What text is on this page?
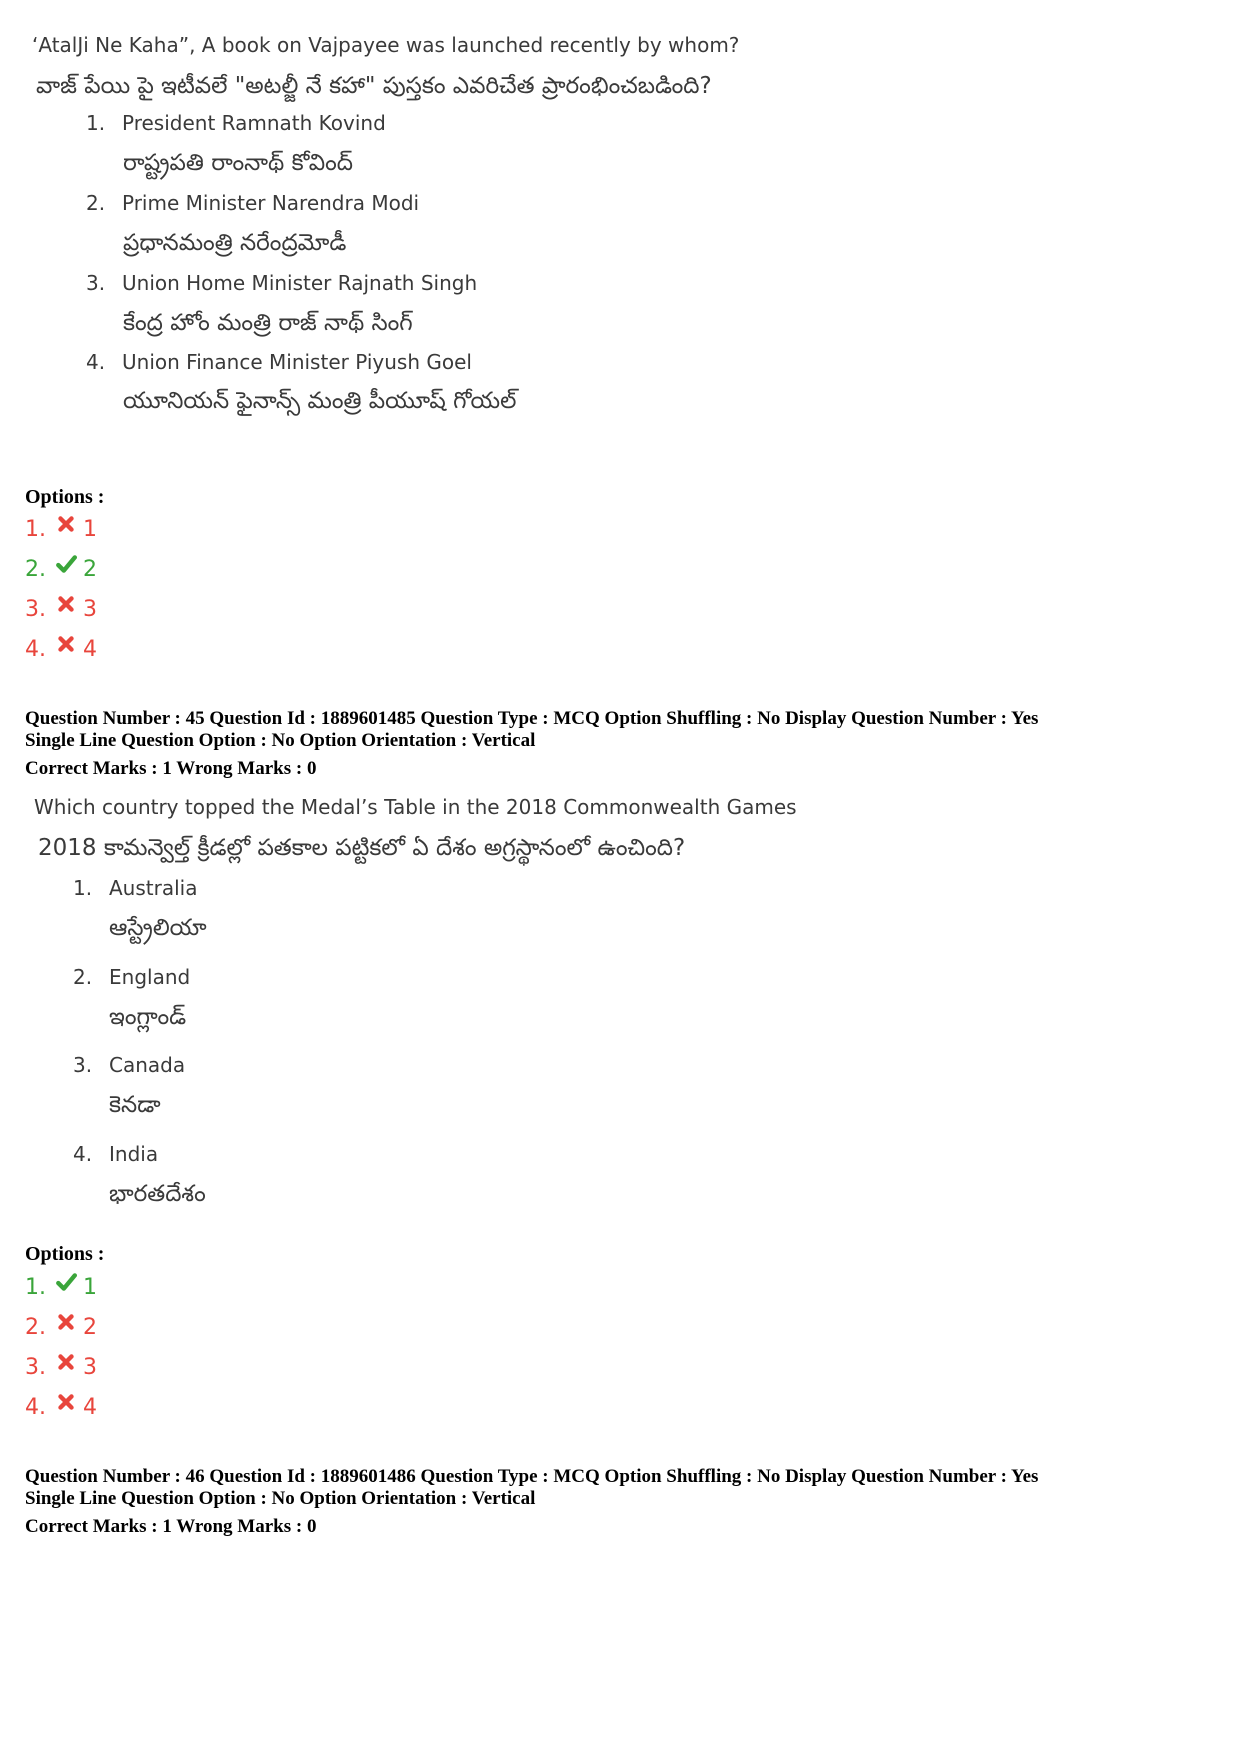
‘AtalJi Ne Kaha”, A book on Vajpayee was launched recently by whom?
వాజ్ పేయి పై ఇటీవలే "అటల్జీ నే కహా" పుస్తకం ఎవరిచేత ప్రారంభించబడింది?
1. President Ramnath Kovind
రాష్ట్రపతి రాంనాథ్ కోవింద్
2. Prime Minister Narendra Modi
ప్రధానమంత్రి నరేంద్రమోడీ
3. Union Home Minister Rajnath Singh
కేంద్ర హోం మంత్రి రాజ్ నాథ్ సింగ్
4. Union Finance Minister Piyush Goel
యూనియన్ ఫైనాన్స్ మంత్రి పీయూష్ గోయల్
Options :
1. 1
2. 2
3. 3
4. 4
Question Number : 45 Question Id : 1889601485 Question Type : MCQ Option Shuffling : No Display Question Number : Yes
Single Line Question Option : No Option Orientation : Vertical
Correct Marks : 1 Wrong Marks : 0
Which country topped the Medal’s Table in the 2018 Commonwealth Games
2018 కామన్వెల్త్ క్రీడల్లో పతకాల పట్టికలో ఏ దేశం అగ్రస్థానంలో ఉంచింది?
1. Australia
ఆస్ట్రేలియా
2. England
ఇంగ్లాండ్
3. Canada
కెనడా
4. India
భారతదేశం
Options :
1. 1
2. 2
3. 3
4. 4
Question Number : 46 Question Id : 1889601486 Question Type : MCQ Option Shuffling : No Display Question Number : Yes
Single Line Question Option : No Option Orientation : Vertical
Correct Marks : 1 Wrong Marks : 0
